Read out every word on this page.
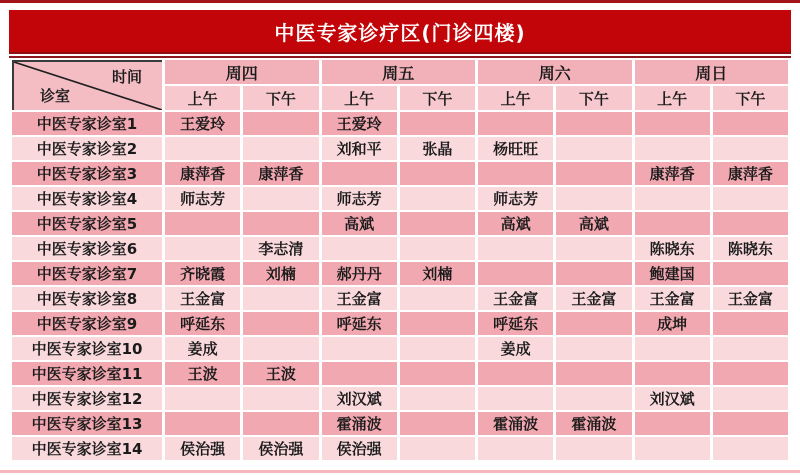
中医专家诊疗区(门诊四楼)
时间
诊室	周四		周五		周六		周日	
	上午	下午	上午	下午	上午	下午	上午	下午
中医专家诊室1	王爱玲		王爱玲					
中医专家诊室2			刘和平	张晶	杨旺旺			
中医专家诊室3	康萍香	康萍香					康萍香	康萍香
中医专家诊室4	师志芳		师志芳		师志芳			
中医专家诊室5			高斌		高斌	高斌		
中医专家诊室6		李志清					陈晓东	陈晓东
中医专家诊室7	齐晓霞	刘楠	郝丹丹	刘楠			鲍建国	
中医专家诊室8	王金富		王金富		王金富	王金富	王金富	王金富
中医专家诊室9	呼延东		呼延东		呼延东		成坤	
中医专家诊室10	姜成				姜成			
中医专家诊室11	王波	王波						
中医专家诊室12			刘汉斌				刘汉斌	
中医专家诊室13			霍涌波		霍涌波	霍涌波		
中医专家诊室14	侯治强	侯治强	侯治强					
